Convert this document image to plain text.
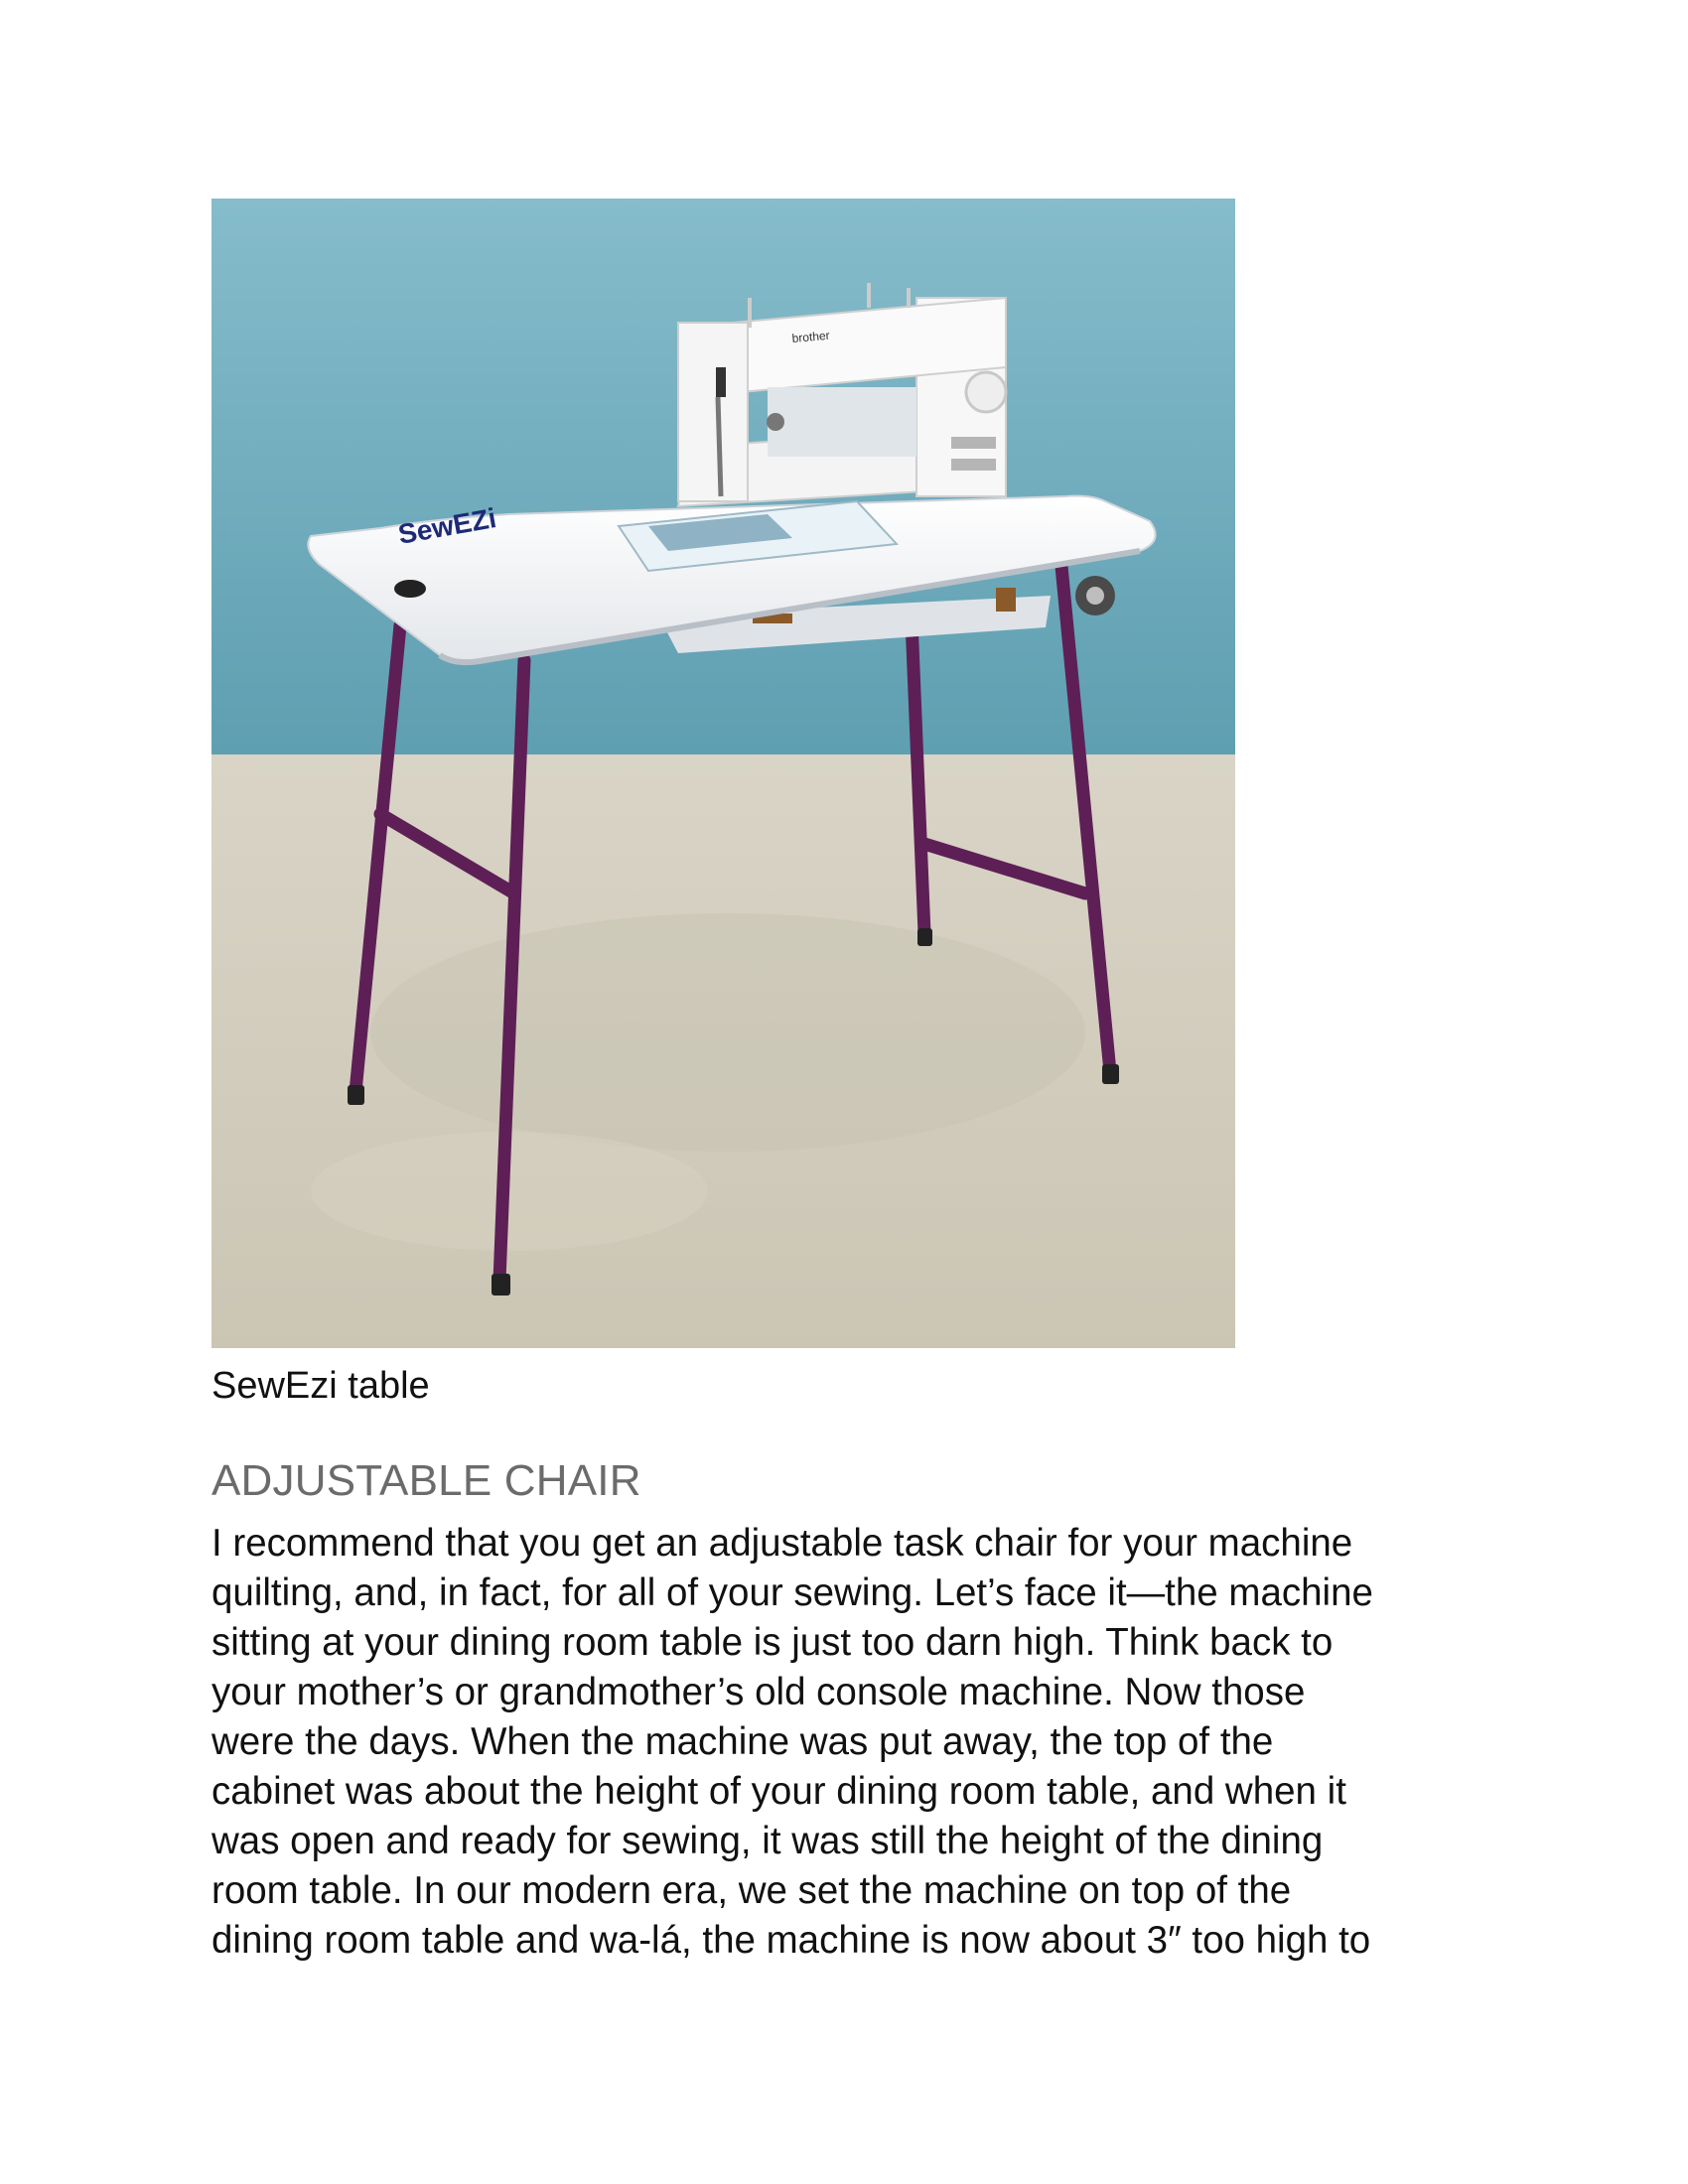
SewEZi
brother

SewEzi table

ADJUSTABLE CHAIR
I recommend that you get an adjustable task chair for your machine
quilting, and, in fact, for all of your sewing. Let’s face it—the machine
sitting at your dining room table is just too darn high. Think back to
your mother’s or grandmother’s old console machine. Now those
were the days. When the machine was put away, the top of the
cabinet was about the height of your dining room table, and when it
was open and ready for sewing, it was still the height of the dining
room table. In our modern era, we set the machine on top of the
dining room table and wa-lá, the machine is now about 3″ too high to
